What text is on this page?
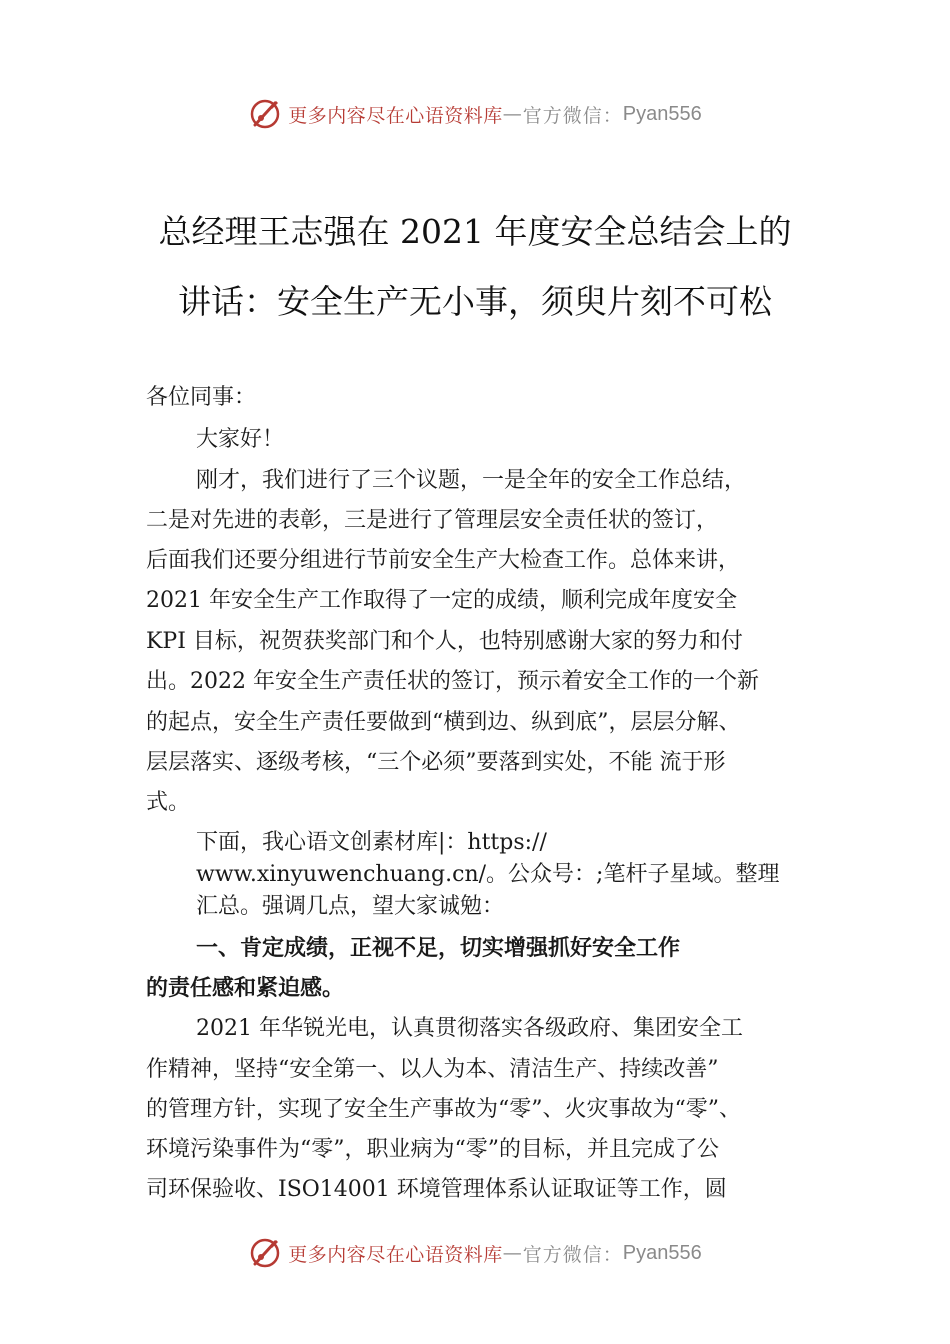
更多内容尽在心语资料库 — 官方微信： Pyan556
总经理王志强在 2021 年度安全总结会上的
讲话：安全生产无小事，须臾片刻不可松
各位同事：
大家好！
刚才，我们进行了三个议题，一是全年的安全工作总结，
二是对先进的表彰，三是进行了管理层安全责任状的签订，
后面我们还要分组进行节前安全生产大检查工作。总体来讲，
2021 年安全生产工作取得了一定的成绩，顺利完成年度安全
KPI 目标，祝贺获奖部门和个人，也特别感谢大家的努力和付
出。2022 年安全生产责任状的签订，预示着安全工作的一个新
的起点，安全生产责任要做到“横到边、纵到底”，层层分解、
层层落实、逐级考核，“三个必须”要落到实处，不能 流于形
式。
下面，我心语文创素材库|：https://
www.xinyuwenchuang.cn/。公众号：;笔杆子星域。整理
汇总。强调几点，望大家诚勉：
一、肯定成绩，正视不足，切实增强抓好安全工作
的责任感和紧迫感。
2021 年华锐光电，认真贯彻落实各级政府、集团安全工
作精神，坚持“安全第一、以人为本、清洁生产、持续改善”
的管理方针，实现了安全生产事故为“零”、火灾事故为“零”、
环境污染事件为“零”，职业病为“零”的目标，并且完成了公
司环保验收、ISO14001 环境管理体系认证取证等工作，圆
更多内容尽在心语资料库 — 官方微信： Pyan556
